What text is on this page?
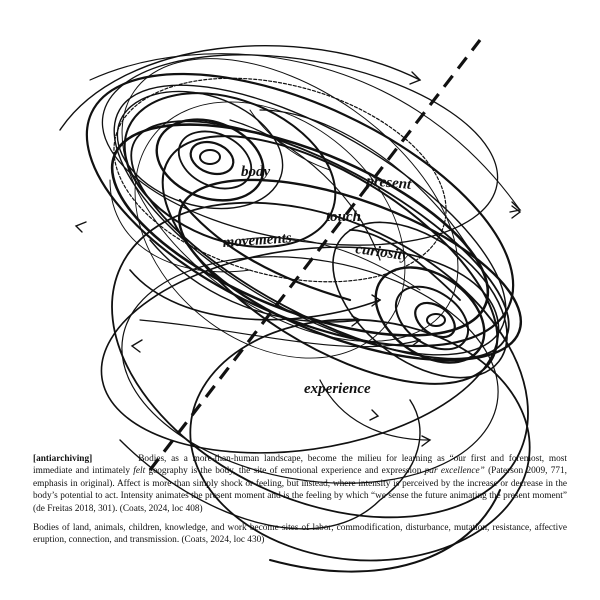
body
present
touch
movements
curiosity
experience

[antiarchiving]	Bodies, as a more-than-human landscape, become the milieu for learning as “our first and foremost, most immediate and intimately felt geography is the body, the site of emotional experience and expression par excellence” (Paterson 2009, 771, emphasis in original). Affect is more than simply shock or feeling, but instead, where intensity is perceived by the increase or decrease in the body’s potential to act. Intensity animates the present moment and is the feeling by which “we sense the future animating the present moment” (de Freitas 2018, 301). (Coats, 2024, loc 408)

Bodies of land, animals, children, knowledge, and work become sites of labor, commodification, disturbance, mutation, resistance, affective eruption, connection, and transmission. (Coats, 2024, loc 430)
